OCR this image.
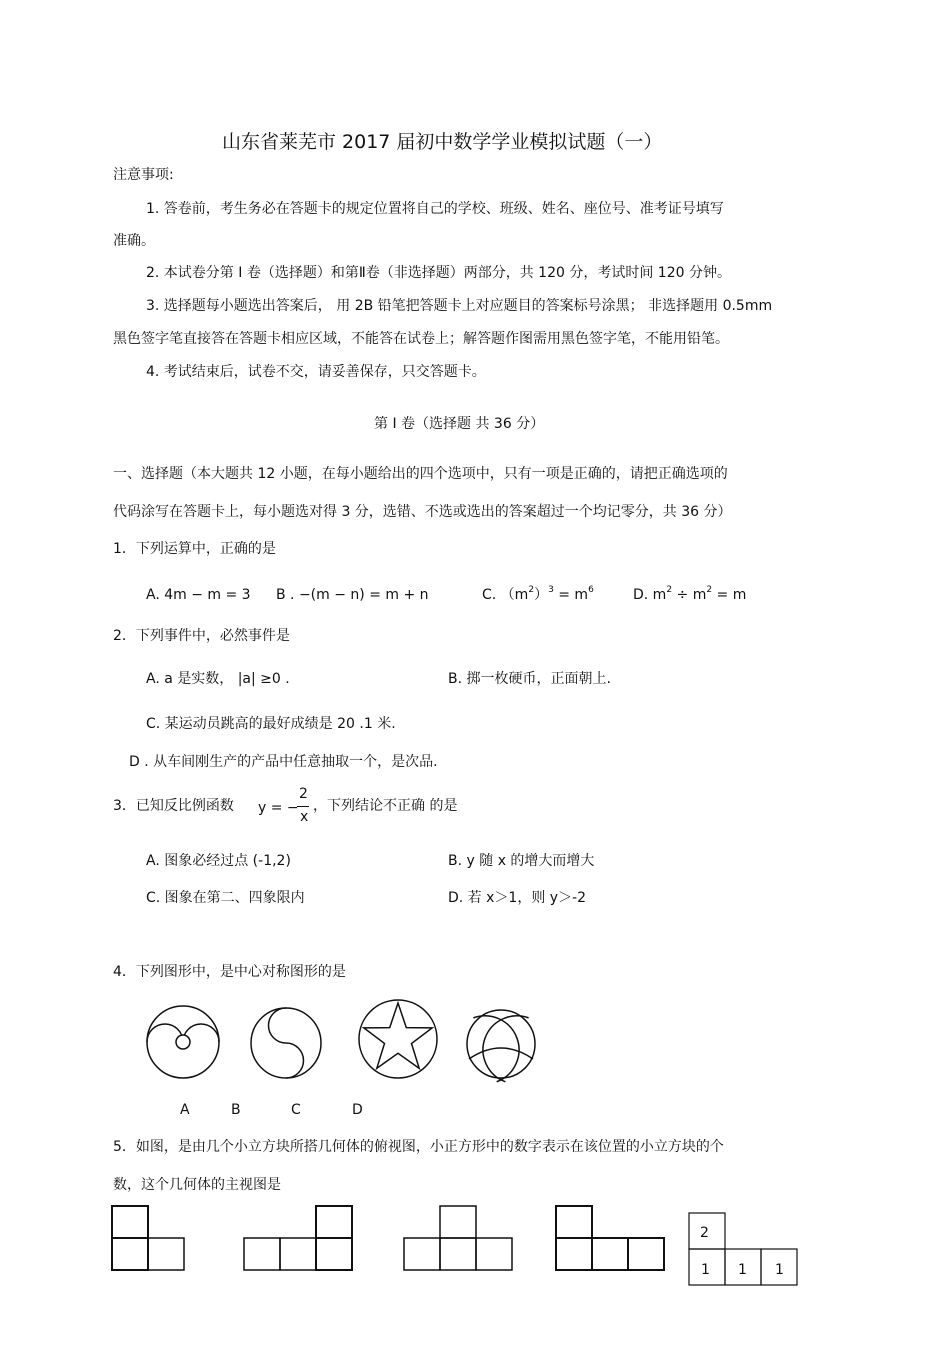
山东省莱芜市 2017 届初中数学学业模拟试题（一）
注意事项:
1. 答卷前，考生务必在答题卡的规定位置将自己的学校、班级、姓名、座位号、准考证号填写
准确。
2. 本试卷分第 I 卷（选择题）和第Ⅱ卷（非选择题）两部分，共 120 分，考试时间 120 分钟。
3. 选择题每小题选出答案后， 用 2B 铅笔把答题卡上对应题目的答案标号涂黑； 非选择题用 0.5mm
黑色签字笔直接答在答题卡相应区域，不能答在试卷上；解答题作图需用黑色签字笔，不能用铅笔。
4. 考试结束后，试卷不交，请妥善保存，只交答题卡。
第 I 卷（选择题 共 36 分）
一、选择题（本大题共 12 小题，在每小题给出的四个选项中，只有一项是正确的，请把正确选项的
代码涂写在答题卡上，每小题选对得 3 分，选错、不选或选出的答案超过一个均记零分，共 36 分）
1．下列运算中，正确的是
A. 4m − m = 3 B . −(m − n) = m + n	C. $(m^2)^3 = m^6$	D. $m^2 \div m^2 = m$
2．下列事件中，必然事件是
A. a 是实数， |a| ≥0 .	B. 掷一枚硬币，正面朝上.
C. 某运动员跳高的最好成绩是 20 .1 米.
D . 从车间刚生产的产品中任意抽取一个，是次品.
3．已知反比例函数 y = −
2
x
，下列结论不正确 的是
A. 图象必经过点 (-1,2)	B. y 随 x 的增大而增大
C. 图象在第二、四象限内	D. 若 x＞1，则 y＞-2
4．下列图形中，是中心对称图形的是
A	B	C	D
5．如图，是由几个小立方块所搭几何体的俯视图，小正方形中的数字表示在该位置的小立方块的个
数，这个几何体的主视图是
2
1 1 1
